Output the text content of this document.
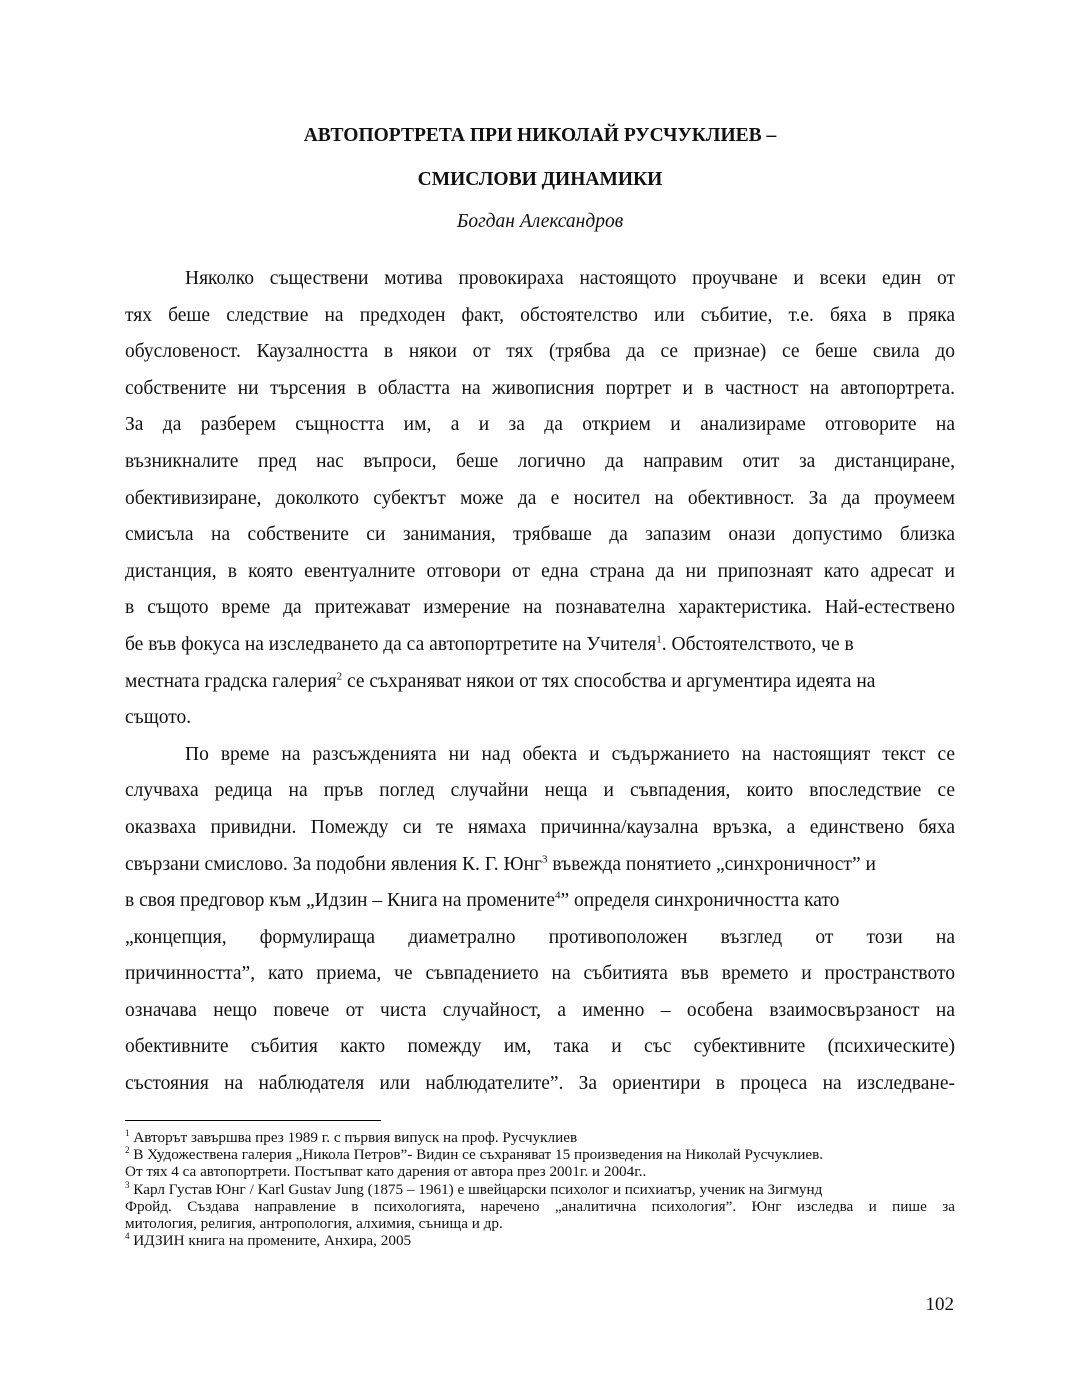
АВТОПОРТРЕТА ПРИ НИКОЛАЙ РУСЧУКЛИЕВ –
СМИСЛОВИ ДИНАМИКИ
Богдан Александров
Няколко съществени мотива провокираха настоящото проучване и всеки един от
тях беше следствие на предходен факт, обстоятелство или събитие, т.е. бяха в пряка
обусловеност. Каузалността в някои от тях (трябва да се признае) се беше свила до
собствените ни търсения в областта на живописния портрет и в частност на автопортрета.
За да разберем същността им, а и за да открием и анализираме отговорите на
възникналите пред нас въпроси, беше логично да направим отит за дистанциране,
обективизиране, доколкото субектът може да е носител на обективност. За да проумеем
смисъла на собствените си занимания, трябваше да запазим онази допустимо близка
дистанция, в която евентуалните отговори от една страна да ни припознаят като адресат и
в същото време да притежават измерение на познавателна характеристика. Най-естествено
бе във фокуса на изследването да са автопортретите на Учителя$^1$. Обстоятелството, че в
местната градска галерия$^2$ се съхраняват някои от тях способства и аргументира идеята на
същото.
По време на разсъжденията ни над обекта и съдържанието на настоящият текст се
случваха редица на пръв поглед случайни неща и съвпадения, които впоследствие се
оказваха привидни. Помежду си те нямаха причинна/каузална връзка, а единствено бяха
свързани смислово. За подобни явления К. Г. Юнг$^3$ въвежда понятието „синхроничност” и
в своя предговор към „Идзин – Книга на промените$^4$” определя синхроничността като
„концепция, формулираща диаметрално противоположен възглед от този на
причинността”, като приема, че съвпадението на събитията във времето и пространството
означава нещо повече от чиста случайност, а именно – особена взаимосвързаност на
обективните събития както помежду им, така и със субективните (психическите)
състояния на наблюдателя или наблюдателите”. За ориентири в процеса на изследване-
$^1$ Авторът завършва през 1989 г. с първия випуск на проф. Русчуклиев
$^2$ В Художествена галерия „Никола Петров”- Видин се съхраняват 15 произведения на Николай Русчуклиев.
От тях 4 са автопортрети. Постъпват като дарения от автора през 2001г. и 2004г..
$^3$ Карл Густав Юнг / Karl Gustav Jung (1875 – 1961) е швейцарски психолог и психиатър, ученик на Зигмунд
Фройд. Създава направление в психологията, наречено „аналитична психология”. Юнг изследва и пише за
митология, религия, антропология, алхимия, сънища и др.
$^4$ ИДЗИН книга на промените, Анхира, 2005
102
